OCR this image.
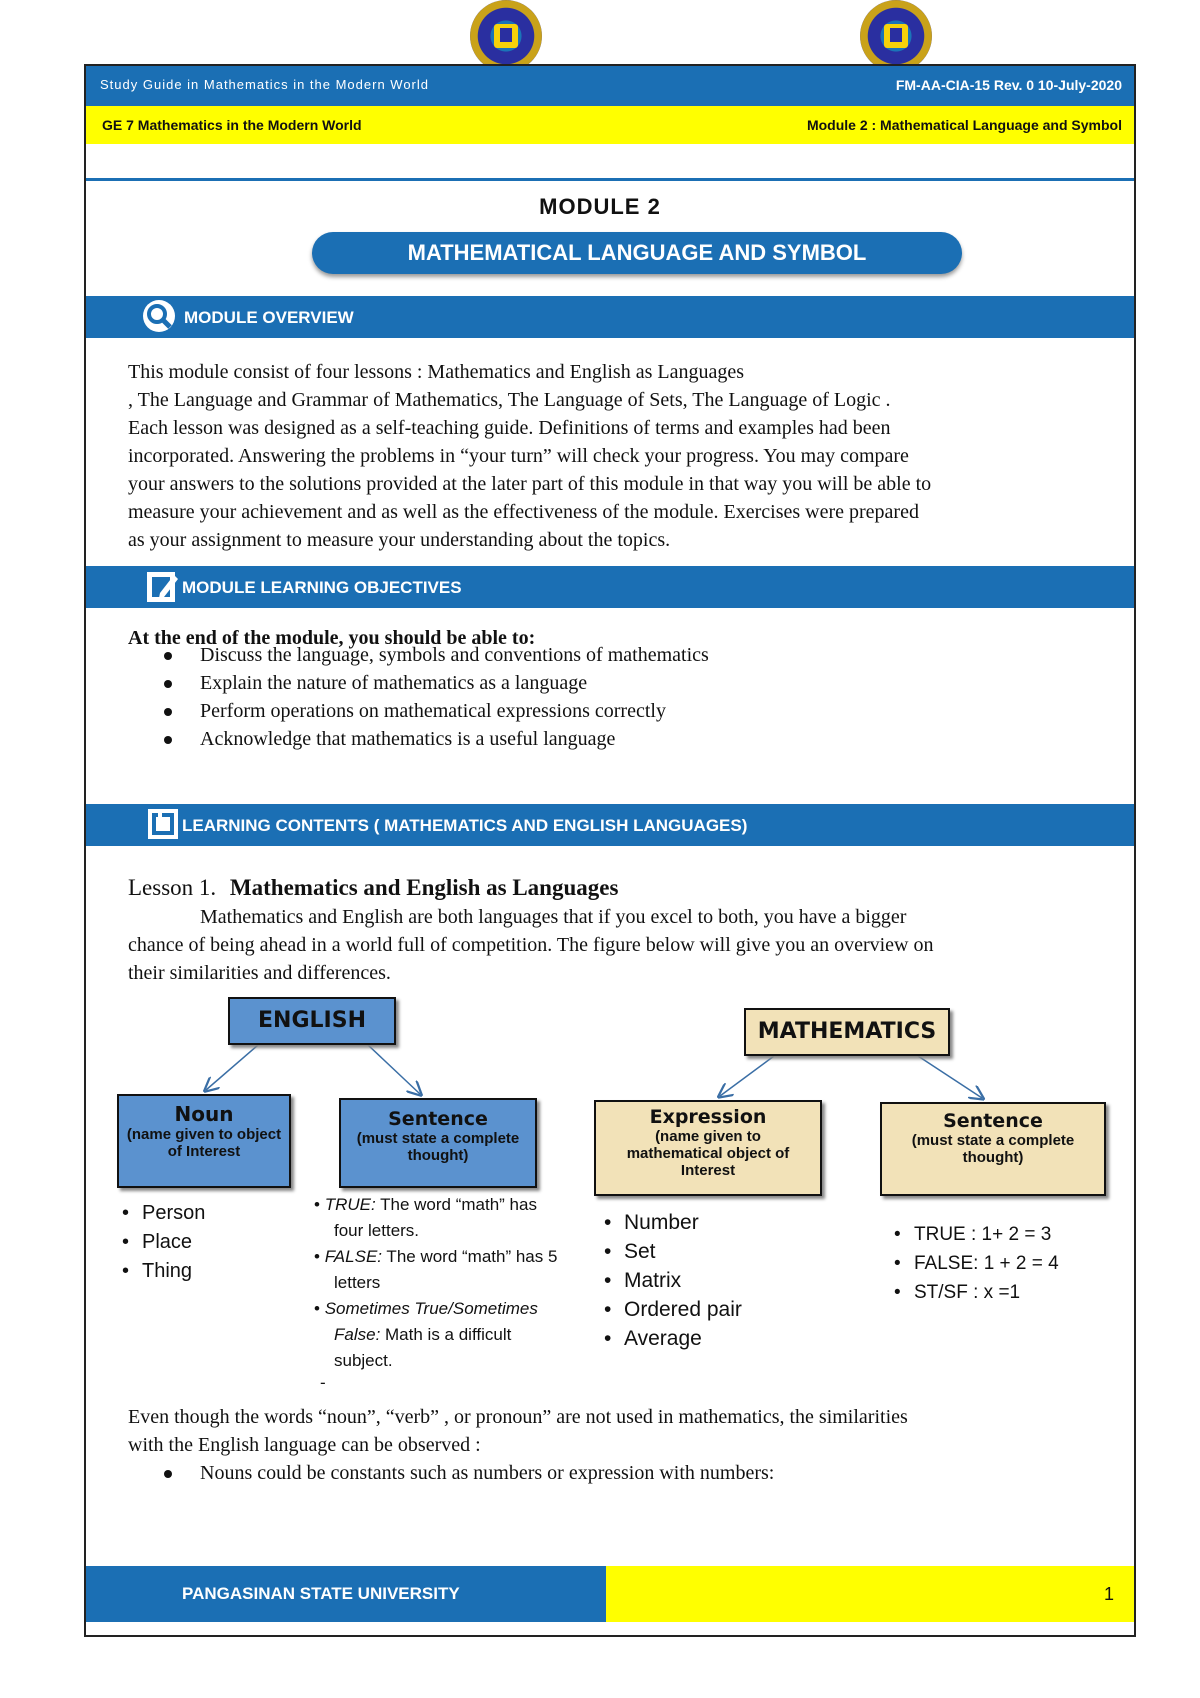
Study Guide in Mathematics in the Modern World	FM-AA-CIA-15 Rev. 0 10-July-2020
GE 7 Mathematics in the Modern World	Module 2 : Mathematical Language and Symbol
MODULE 2
MATHEMATICAL LANGUAGE AND SYMBOL
MODULE OVERVIEW
This module consist of four lessons : Mathematics and English as Languages
, The Language and Grammar of Mathematics, The Language of Sets, The Language of Logic .
Each lesson was designed as a self-teaching guide. Definitions of terms and examples had been
incorporated. Answering the problems in “your turn” will check your progress. You may compare
your answers to the solutions provided at the later part of this module in that way you will be able to
measure your achievement and as well as the effectiveness of the module. Exercises were prepared
as your assignment to measure your understanding about the topics.
MODULE LEARNING OBJECTIVES
At the end of the module, you should be able to:
Discuss the language, symbols and conventions of mathematics
Explain the nature of mathematics as a language
Perform operations on mathematical expressions correctly
Acknowledge that mathematics is a useful language
LEARNING CONTENTS ( MATHEMATICS AND ENGLISH LANGUAGES)
Lesson 1. Mathematics and English as Languages
Mathematics and English are both languages that if you excel to both, you have a bigger
chance of being ahead in a world full of competition. The figure below will give you an overview on
their similarities and differences.
ENGLISH
Noun
(name given to object
of Interest
Sentence
(must state a complete
thought)
• Person
• Place
• Thing
• TRUE: The word “math” has
four letters.
• FALSE: The word “math” has 5
letters
• Sometimes True/Sometimes
False: Math is a difficult
subject.
-
MATHEMATICS
Expression
(name given to
mathematical object of
Interest
Sentence
(must state a complete
thought)
• Number
• Set
• Matrix
• Ordered pair
• Average
• TRUE : 1+ 2 = 3
• FALSE: 1 + 2 = 4
• ST/SF : x =1
Even though the words “noun”, “verb” , or pronoun” are not used in mathematics, the similarities
with the English language can be observed :
Nouns could be constants such as numbers or expression with numbers:
PANGASINAN STATE UNIVERSITY	1
